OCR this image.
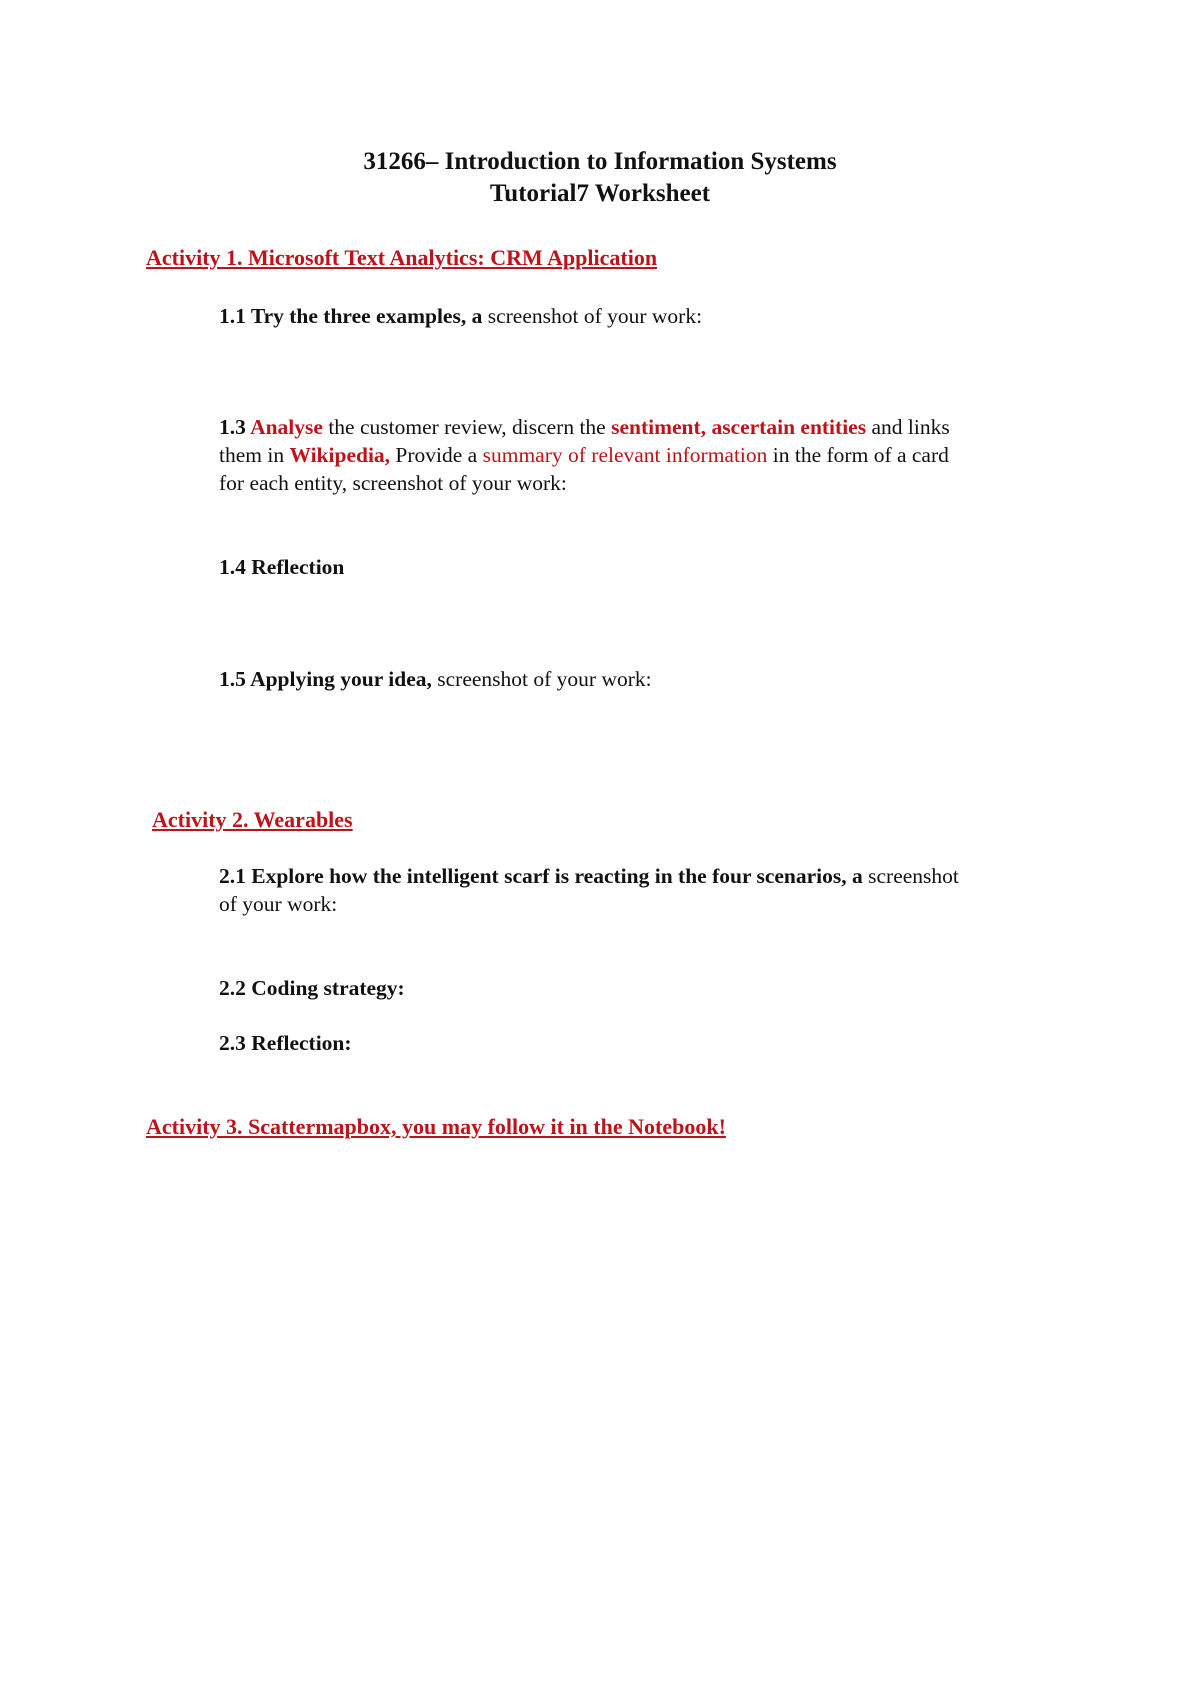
31266– Introduction to Information Systems
Tutorial7 Worksheet
Activity 1. Microsoft Text Analytics: CRM Application
1.1 Try the three examples, a screenshot of your work:
1.3 Analyse the customer review, discern the sentiment, ascertain entities and links
them in Wikipedia, Provide a summary of relevant information in the form of a card
for each entity, screenshot of your work:
1.4 Reflection
1.5 Applying your idea, screenshot of your work:
Activity 2. Wearables
2.1 Explore how the intelligent scarf is reacting in the four scenarios, a screenshot
of your work:
2.2 Coding strategy:
2.3 Reflection:
Activity 3. Scattermapbox, you may follow it in the Notebook!
